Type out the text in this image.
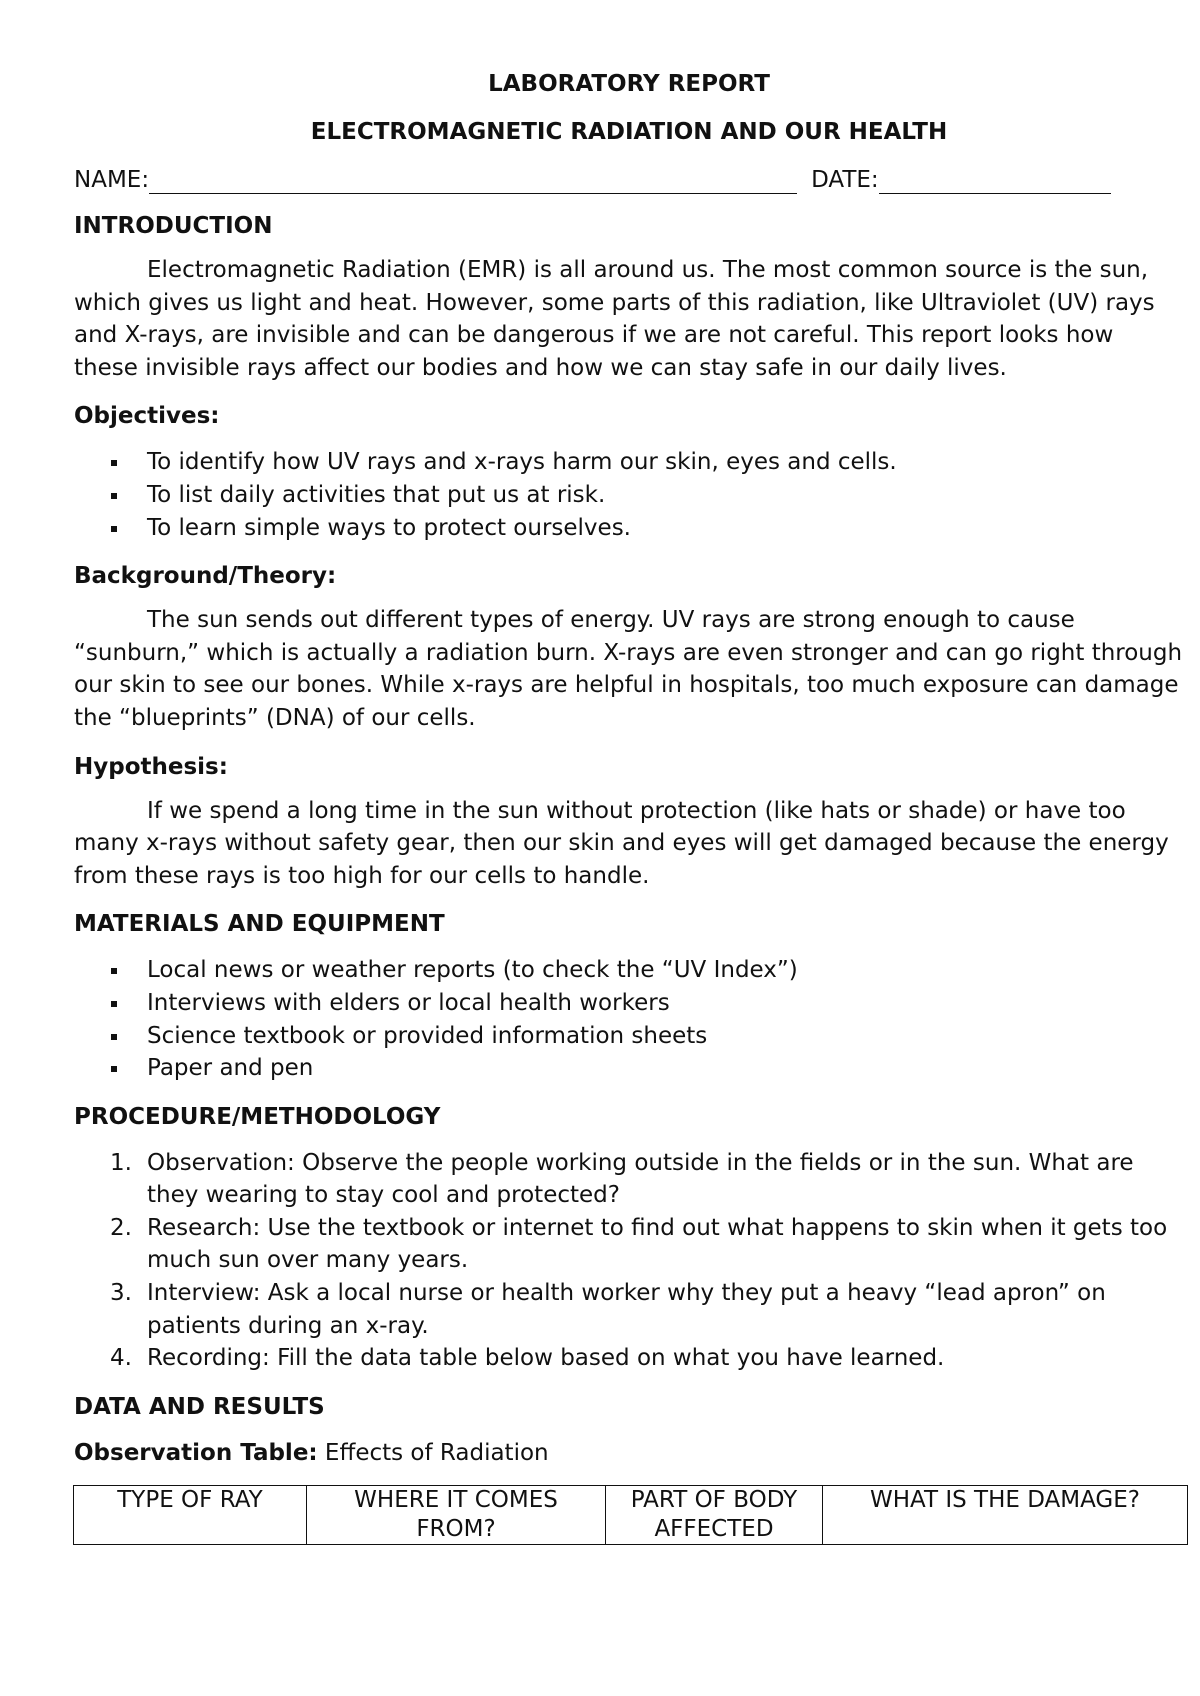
LABORATORY REPORT

ELECTROMAGNETIC RADIATION AND OUR HEALTH

NAME:	DATE:
INTRODUCTION

Electromagnetic Radiation (EMR) is all around us. The most common source is the sun, which gives us light and heat. However, some parts of this radiation, like Ultraviolet (UV) rays and X-rays, are invisible and can be dangerous if we are not careful. This report looks how these invisible rays affect our bodies and how we can stay safe in our daily lives.

Objectives:
To identify how UV rays and x-rays harm our skin, eyes and cells.
To list daily activities that put us at risk.
To learn simple ways to protect ourselves.
Background/Theory:

The sun sends out different types of energy. UV rays are strong enough to cause “sunburn,” which is actually a radiation burn. X-rays are even stronger and can go right through our skin to see our bones. While x-rays are helpful in hospitals, too much exposure can damage the “blueprints” (DNA) of our cells.

Hypothesis:

If we spend a long time in the sun without protection (like hats or shade) or have too many x-rays without safety gear, then our skin and eyes will get damaged because the energy from these rays is too high for our cells to handle.

MATERIALS AND EQUIPMENT
Local news or weather reports (to check the “UV Index”)
Interviews with elders or local health workers
Science textbook or provided information sheets
Paper and pen
PROCEDURE/METHODOLOGY
1. Observation: Observe the people working outside in the fields or in the sun. What are they wearing to stay cool and protected?
2. Research: Use the textbook or internet to find out what happens to skin when it gets too much sun over many years.
3. Interview: Ask a local nurse or health worker why they put a heavy “lead apron” on patients during an x-ray.
4. Recording: Fill the data table below based on what you have learned.
DATA AND RESULTS

Observation Table: Effects of Radiation

TYPE OF RAY	WHERE IT COMES FROM?	PART OF BODY AFFECTED	WHAT IS THE DAMAGE?
